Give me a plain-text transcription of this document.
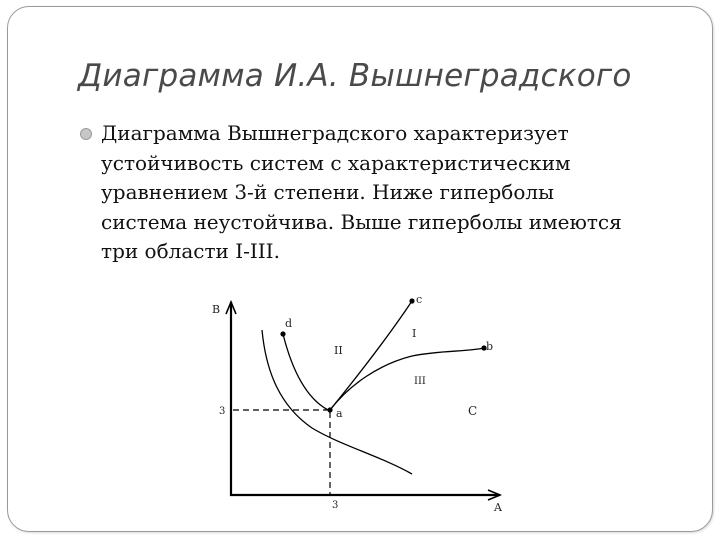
Диаграмма И.А. Вышнеградского
Диаграмма Вышнеградского характеризует
устойчивость систем с характеристическим
уравнением 3-й степени. Ниже гиперболы
система неустойчива. Выше гиперболы имеются
три области I-III.
B
A
3
3
a
c
b
d
I
II
III
C
